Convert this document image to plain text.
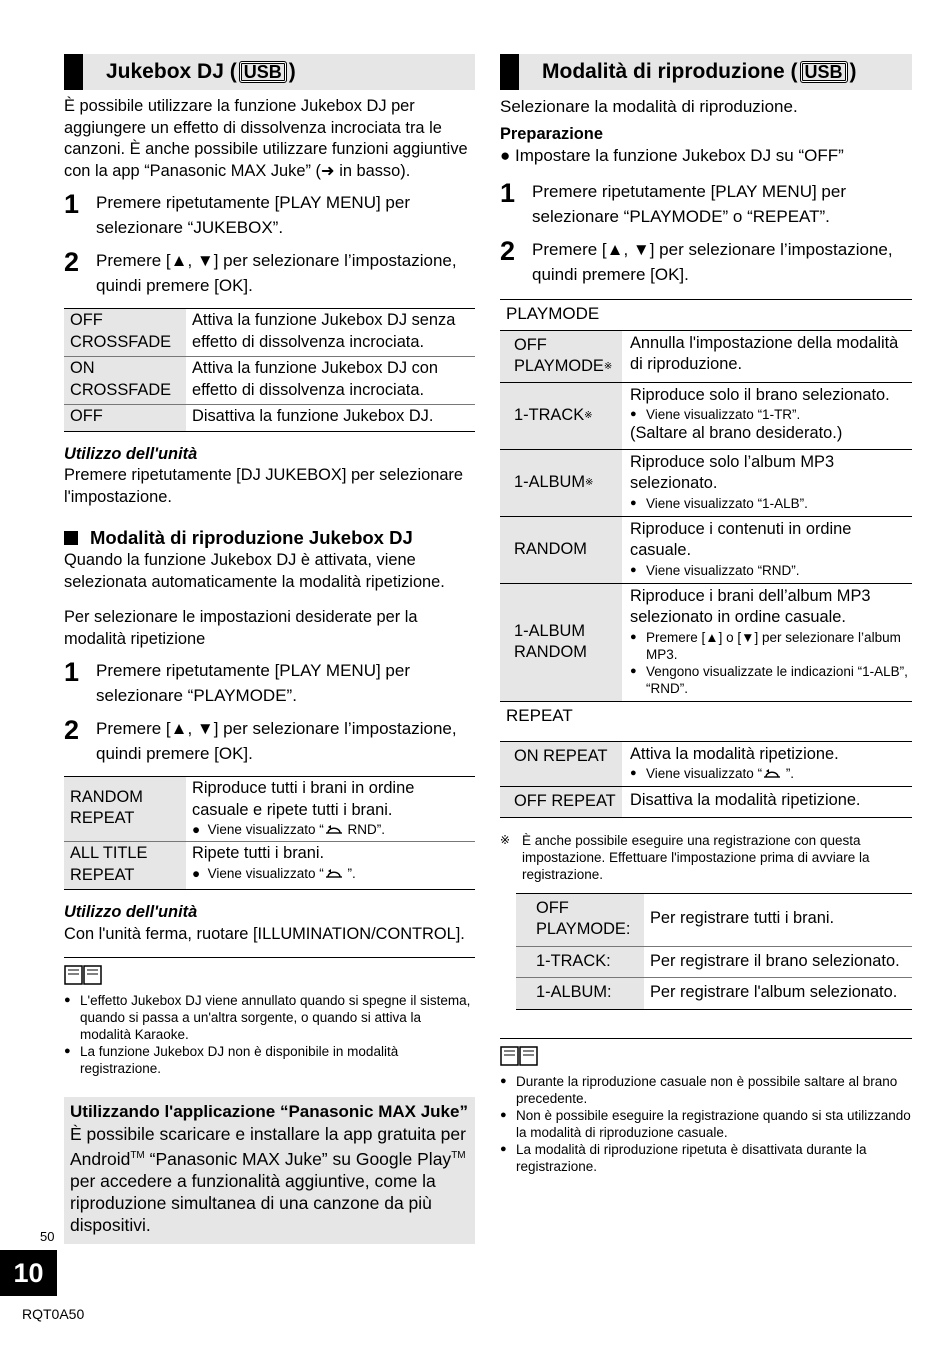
Jukebox DJ ( USB )

È possibile utilizzare la funzione Jukebox DJ per aggiungere un effetto di dissolvenza incrociata tra le canzoni. È anche possibile utilizzare funzioni aggiuntive con la app “Panasonic MAX Juke” (➜ in basso).

1 Premere ripetutamente [PLAY MENU] per selezionare “JUKEBOX”.
2 Premere [▲, ▼] per selezionare l’impostazione, quindi premere [OK].
OFF CROSSFADE	Attiva la funzione Jukebox DJ senza effetto di dissolvenza incrociata.
ON CROSSFADE	Attiva la funzione Jukebox DJ con effetto di dissolvenza incrociata.
OFF	Disattiva la funzione Jukebox DJ.
Utilizzo dell'unità

Premere ripetutamente [DJ JUKEBOX] per selezionare l'impostazione.

Modalità di riproduzione Jukebox DJ

Quando la funzione Jukebox DJ è attivata, viene selezionata automaticamente la modalità ripetizione.

Per selezionare le impostazioni desiderate per la modalità ripetizione

1 Premere ripetutamente [PLAY MENU] per selezionare “PLAYMODE”.
2 Premere [▲, ▼] per selezionare l’impostazione, quindi premere [OK].
RANDOM REPEAT	Riproduce tutti i brani in ordine casuale e ripete tutti i brani.
●  Viene visualizzato “ RND”.

ALL TITLE REPEAT	Ripete tutti i brani.
●  Viene visualizzato “ ”.
Utilizzo dell'unità

Con l'unità ferma, ruotare [ILLUMINATION/CONTROL].

● L'effetto Jukebox DJ viene annullato quando si spegne il sistema, quando si passa a un'altra sorgente, o quando si attiva la modalità Karaoke.
● La funzione Jukebox DJ non è disponibile in modalità registrazione.
Utilizzando l'applicazione “Panasonic MAX Juke”
È possibile scaricare e installare la app gratuita per Android™ “Panasonic MAX Juke” su Google Play™ per accedere a funzionalità aggiuntive, come la riproduzione simultanea di una canzone da più dispositivi.
Modalità di riproduzione ( USB )

Selezionare la modalità di riproduzione.

Preparazione

● Impostare la funzione Jukebox DJ su “OFF”

1 Premere ripetutamente [PLAY MENU] per selezionare “PLAYMODE” o “REPEAT”.
2 Premere [▲, ▼] per selezionare l’impostazione, quindi premere [OK].
PLAYMODE	
OFF PLAYMODE※	Annulla l'impostazione della modalità di riproduzione.
1-TRACK※	Riproduce solo il brano selezionato.
● Viene visualizzato “1-TR”.
(Saltare al brano desiderato.)

1-ALBUM※	Riproduce solo l’album MP3 selezionato.
● Viene visualizzato “1-ALB”.

RANDOM	Riproduce i contenuti in ordine casuale.
● Viene visualizzato “RND”.

1-ALBUM RANDOM	Riproduce i brani dell’album MP3 selezionato in ordine casuale.
● Premere [▲] o [▼] per selezionare l’album MP3.
● Vengono visualizzate le indicazioni “1-ALB”, “RND”.

REPEAT	
ON REPEAT	Attiva la modalità ripetizione.
● Viene visualizzato “ ”.

OFF REPEAT	Disattiva la modalità ripetizione.
※ È anche possibile eseguire una registrazione con questa impostazione. Effettuare l'impostazione prima di avviare la registrazione.
OFF PLAYMODE:	Per registrare tutti i brani.
1-TRACK:	Per registrare il brano selezionato.
1-ALBUM:	Per registrare l'album selezionato.
● Durante la riproduzione casuale non è possibile saltare al brano precedente.
● Non è possibile eseguire la registrazione quando si sta utilizzando la modalità di riproduzione casuale.
● La modalità di riproduzione ripetuta è disattivata durante la registrazione.
50
10
RQT0A50
